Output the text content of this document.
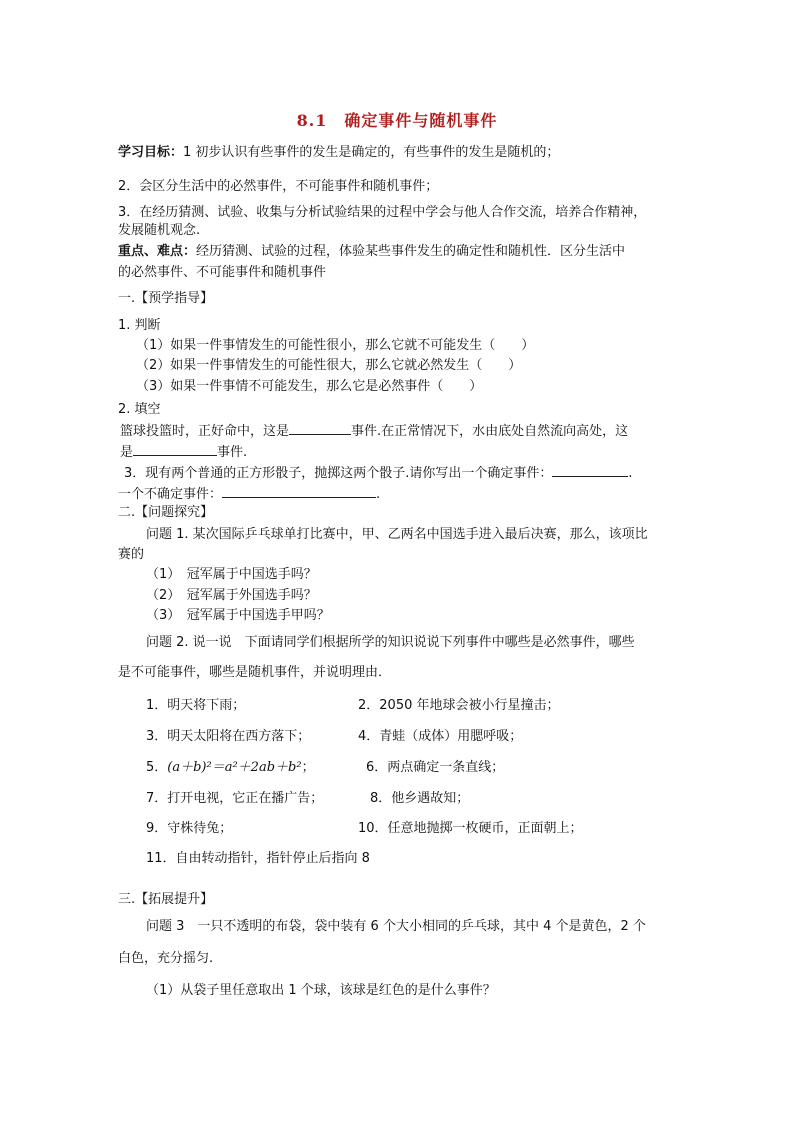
8.1　确定事件与随机事件
学习目标：1 初步认识有些事件的发生是确定的，有些事件的发生是随机的；
2．会区分生活中的必然事件，不可能事件和随机事件；
3．在经历猜测、试验、收集与分析试验结果的过程中学会与他人合作交流，培养合作精神，
发展随机观念.
重点、难点：经历猜测、试验的过程，体验某些事件发生的确定性和随机性．区分生活中
的必然事件、不可能事件和随机事件
一.【预学指导】
1. 判断
（1）如果一件事情发生的可能性很小，那么它就不可能发生（　　）
（2）如果一件事情发生的可能性很大，那么它就必然发生（　　）
（3）如果一件事情不可能发生，那么它是必然事件（　　）
2. 填空
篮球投篮时，正好命中，这是	事件.在正常情况下，水由底处自然流向高处，这
是	事件.
3．现有两个普通的正方形骰子，抛掷这两个骰子.请你写出一个确定事件：	.
一个不确定事件：	.
二.【问题探究】
问题 1. 某次国际乒乓球单打比赛中，甲、乙两名中国选手进入最后决赛，那么，该项比
赛的
（1）　冠军属于中国选手吗？
（2）　冠军属于外国选手吗？
（3）　冠军属于中国选手甲吗？
问题 2. 说一说　下面请同学们根据所学的知识说说下列事件中哪些是必然事件，哪些
是不可能事件，哪些是随机事件，并说明理由．
1．明天将下雨；	2．2050 年地球会被小行星撞击；
3．明天太阳将在西方落下；	4．青蛙（成体）用腮呼吸；
5．(a＋b)²＝a²＋2ab＋b²；	6．两点确定一条直线；
7．打开电视，它正在播广告；	8．他乡遇故知；
9．守株待兔；	10．任意地抛掷一枚硬币，正面朝上；
11．自由转动指针，指针停止后指向 8
三.【拓展提升】
问题 3　一只不透明的布袋，袋中装有 6 个大小相同的乒乓球，其中 4 个是黄色，2 个
白色，充分摇匀.
（1）从袋子里任意取出 1 个球，该球是红色的是什么事件？
